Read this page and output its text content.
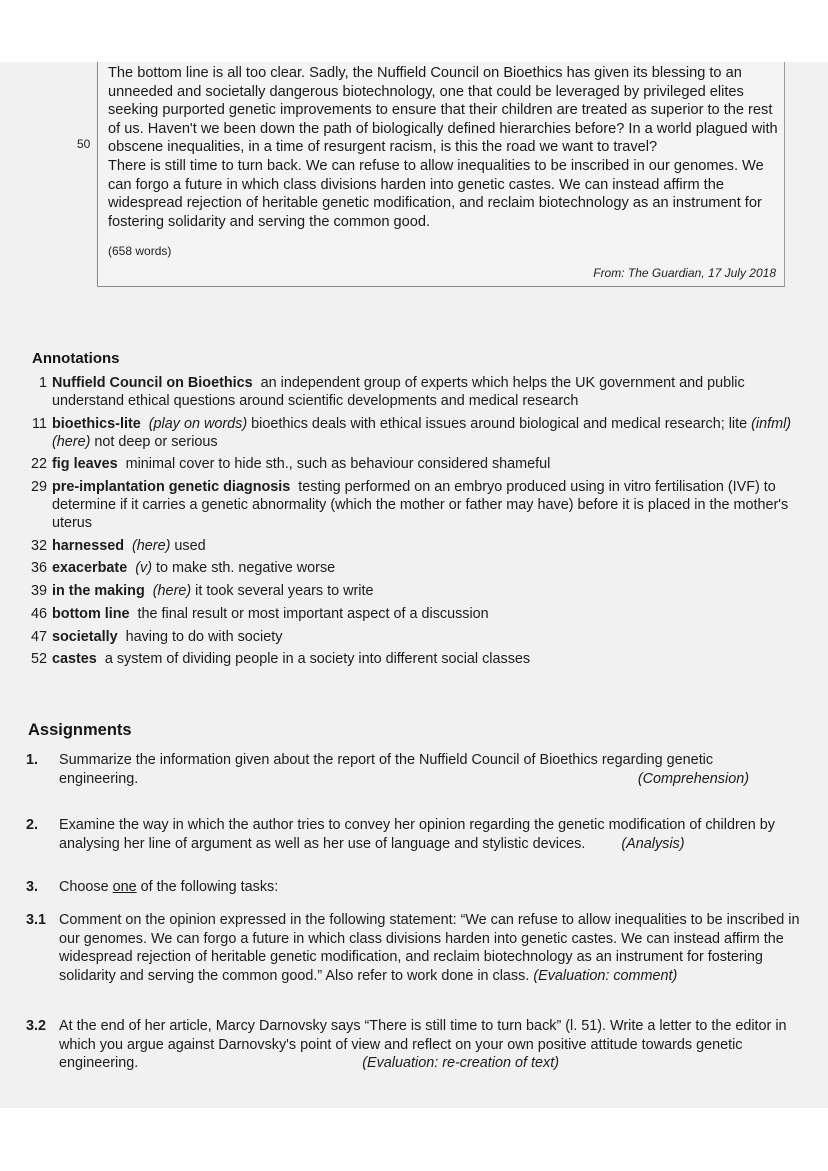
The bottom line is all too clear. Sadly, the Nuffield Council on Bioethics has given its blessing to an unneeded and societally dangerous biotechnology, one that could be leveraged by privileged elites seeking purported genetic improvements to ensure that their children are treated as superior to the rest of us. Haven't we been down the path of biologically defined hierarchies before? In a world plagued with obscene inequalities, in a time of resurgent racism, is this the road we want to travel?

There is still time to turn back. We can refuse to allow inequalities to be inscribed in our genomes. We can forgo a future in which class divisions harden into genetic castes. We can instead affirm the widespread rejection of heritable genetic modification, and reclaim biotechnology as an instrument for fostering solidarity and serving the common good.

(658 words)
From: The Guardian, 17 July 2018
50
Annotations
1 Nuffield Council on Bioethics an independent group of experts which helps the UK government and public understand ethical questions around scientific developments and medical research
11 bioethics-lite (play on words) bioethics deals with ethical issues around biological and medical research; lite (infml) (here) not deep or serious
22 fig leaves minimal cover to hide sth., such as behaviour considered shameful
29 pre-implantation genetic diagnosis testing performed on an embryo produced using in vitro fertilisation (IVF) to determine if it carries a genetic abnormality (which the mother or father may have) before it is placed in the mother's uterus
32 harnessed (here) used
36 exacerbate (v) to make sth. negative worse
39 in the making (here) it took several years to write
46 bottom line the final result or most important aspect of a discussion
47 societally having to do with society
52 castes a system of dividing people in a society into different social classes
Assignments
1. Summarize the information given about the report of the Nuffield Council of Bioethics regarding genetic engineering.	(Comprehension)
2. Examine the way in which the author tries to convey her opinion regarding the genetic modification of children by analysing her line of argument as well as her use of language and stylistic devices. (Analysis)
3. Choose one of the following tasks:
3.1 Comment on the opinion expressed in the following statement: “We can refuse to allow inequalities to be inscribed in our genomes. We can forgo a future in which class divisions harden into genetic castes. We can instead affirm the widespread rejection of heritable genetic modification, and reclaim biotechnology as an instrument for fostering solidarity and serving the common good.” Also refer to work done in class. (Evaluation: comment)
3.2 At the end of her article, Marcy Darnovsky says “There is still time to turn back” (l. 51). Write a letter to the editor in which you argue against Darnovsky's point of view and reflect on your own positive attitude towards genetic engineering.	(Evaluation: re-creation of text)
